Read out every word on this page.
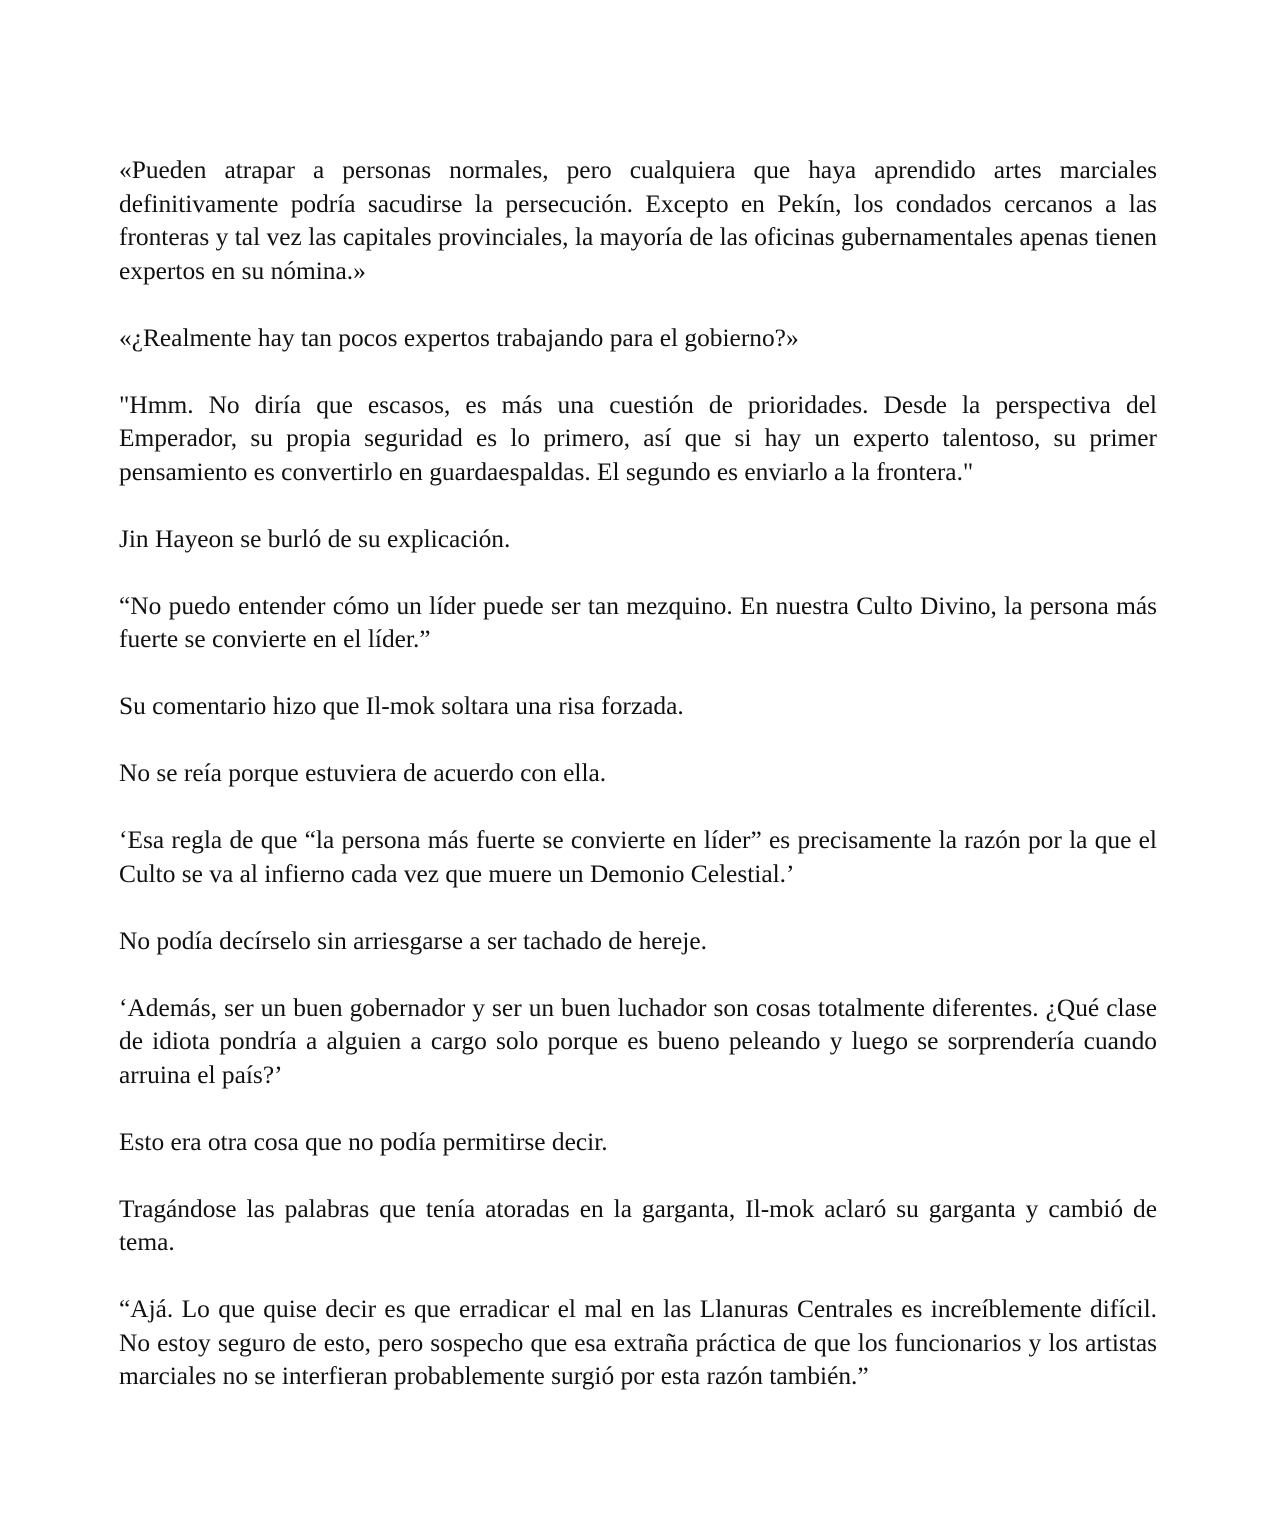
«Pueden atrapar a personas normales, pero cualquiera que haya aprendido artes marciales definitivamente podría sacudirse la persecución. Excepto en Pekín, los condados cercanos a las fronteras y tal vez las capitales provinciales, la mayoría de las oficinas gubernamentales apenas tienen expertos en su nómina.»

«¿Realmente hay tan pocos expertos trabajando para el gobierno?»

"Hmm. No diría que escasos, es más una cuestión de prioridades. Desde la perspectiva del Emperador, su propia seguridad es lo primero, así que si hay un experto talentoso, su primer pensamiento es convertirlo en guardaespaldas. El segundo es enviarlo a la frontera."

Jin Hayeon se burló de su explicación.

“No puedo entender cómo un líder puede ser tan mezquino. En nuestra Culto Divino, la persona más fuerte se convierte en el líder.”

Su comentario hizo que Il-mok soltara una risa forzada.

No se reía porque estuviera de acuerdo con ella.

‘Esa regla de que “la persona más fuerte se convierte en líder” es precisamente la razón por la que el Culto se va al infierno cada vez que muere un Demonio Celestial.’

No podía decírselo sin arriesgarse a ser tachado de hereje.

‘Además, ser un buen gobernador y ser un buen luchador son cosas totalmente diferentes. ¿Qué clase de idiota pondría a alguien a cargo solo porque es bueno peleando y luego se sorprendería cuando arruina el país?’

Esto era otra cosa que no podía permitirse decir.

Tragándose las palabras que tenía atoradas en la garganta, Il-mok aclaró su garganta y cambió de tema.

“Ajá. Lo que quise decir es que erradicar el mal en las Llanuras Centrales es increíblemente difícil. No estoy seguro de esto, pero sospecho que esa extraña práctica de que los funcionarios y los artistas marciales no se interfieran probablemente surgió por esta razón también.”
